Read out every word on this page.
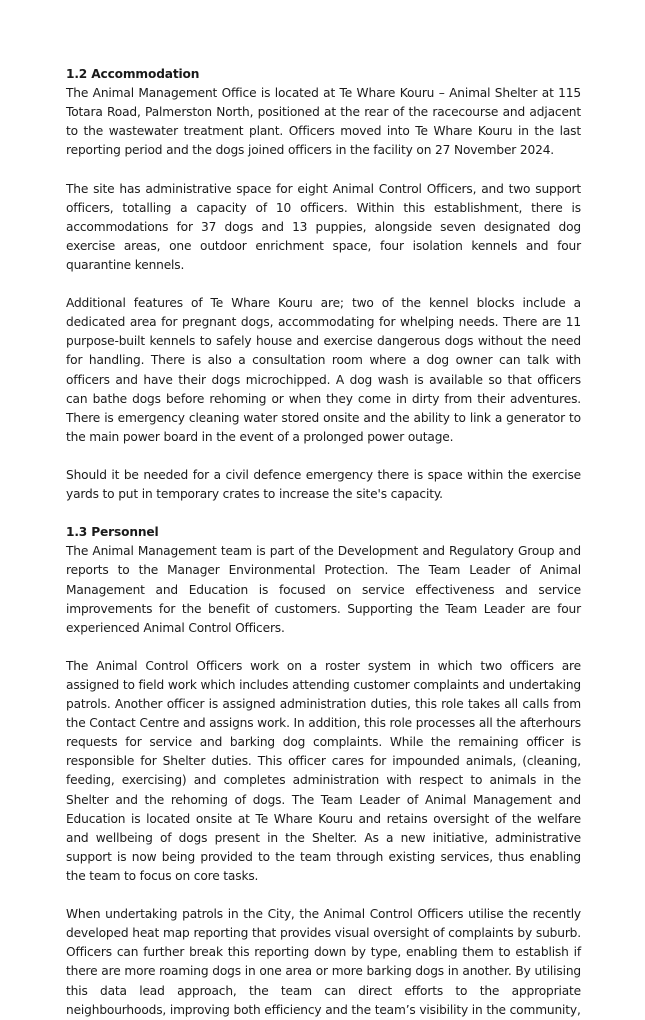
1.2 Accommodation

The Animal Management Office is located at Te Whare Kouru – Animal Shelter at 115 Totara Road, Palmerston North, positioned at the rear of the racecourse and adjacent to the wastewater treatment plant. Officers moved into Te Whare Kouru in the last reporting period and the dogs joined officers in the facility on 27 November 2024.

The site has administrative space for eight Animal Control Officers, and two support officers, totalling a capacity of 10 officers. Within this establishment, there is accommodations for 37 dogs and 13 puppies, alongside seven designated dog exercise areas, one outdoor enrichment space, four isolation kennels and four quarantine kennels.

Additional features of Te Whare Kouru are; two of the kennel blocks include a dedicated area for pregnant dogs, accommodating for whelping needs. There are 11 purpose-built kennels to safely house and exercise dangerous dogs without the need for handling. There is also a consultation room where a dog owner can talk with officers and have their dogs microchipped. A dog wash is available so that officers can bathe dogs before rehoming or when they come in dirty from their adventures. There is emergency cleaning water stored onsite and the ability to link a generator to the main power board in the event of a prolonged power outage.

Should it be needed for a civil defence emergency there is space within the exercise yards to put in temporary crates to increase the site's capacity.

1.3 Personnel

The Animal Management team is part of the Development and Regulatory Group and reports to the Manager Environmental Protection. The Team Leader of Animal Management and Education is focused on service effectiveness and service improvements for the benefit of customers. Supporting the Team Leader are four experienced Animal Control Officers.

The Animal Control Officers work on a roster system in which two officers are assigned to field work which includes attending customer complaints and undertaking patrols. Another officer is assigned administration duties, this role takes all calls from the Contact Centre and assigns work. In addition, this role processes all the afterhours requests for service and barking dog complaints. While the remaining officer is responsible for Shelter duties. This officer cares for impounded animals, (cleaning, feeding, exercising) and completes administration with respect to animals in the Shelter and the rehoming of dogs. The Team Leader of Animal Management and Education is located onsite at Te Whare Kouru and retains oversight of the welfare and wellbeing of dogs present in the Shelter. As a new initiative, administrative support is now being provided to the team through existing services, thus enabling the team to focus on core tasks.

When undertaking patrols in the City, the Animal Control Officers utilise the recently developed heat map reporting that provides visual oversight of complaints by suburb. Officers can further break this reporting down by type, enabling them to establish if there are more roaming dogs in one area or more barking dogs in another. By utilising this data lead approach, the team can direct efforts to the appropriate neighbourhoods, improving both efficiency and the team’s visibility in the community,
